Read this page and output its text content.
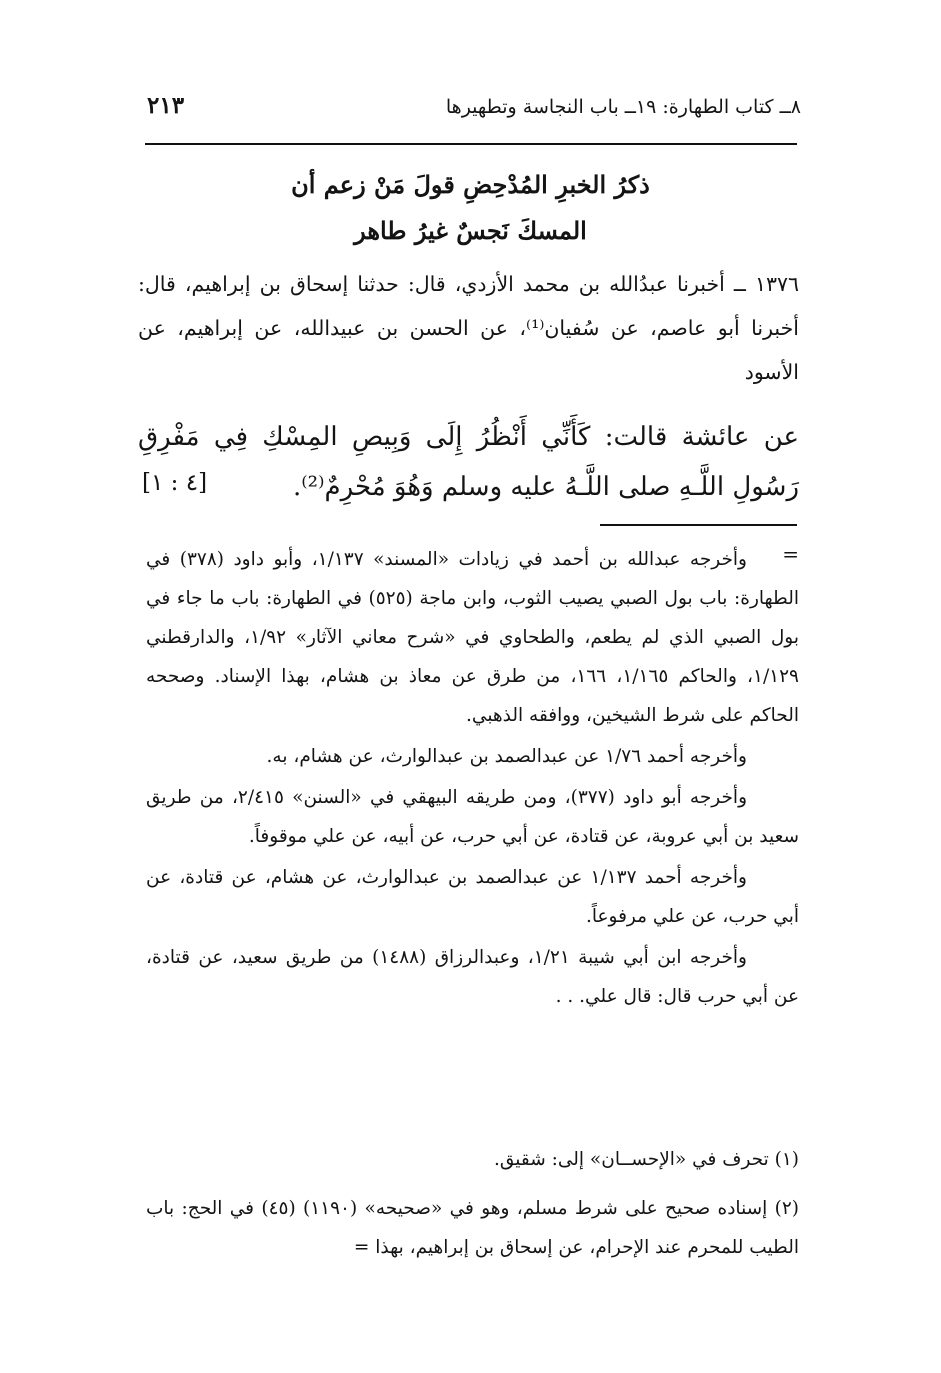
٨ــ كتاب الطهارة: ١٩ــ باب النجاسة وتطهيرها
٢١٣
ذكرُ الخبرِ المُدْحِضِ قولَ مَنْ زعم أن
المسكَ نَجسٌ غيرُ طاهر
١٣٧٦ ــ أخبرنا عبدُالله بن محمد الأزدي، قال: حدثنا إسحاق بن إبراهيم، قال: أخبرنا أبو عاصم، عن سُفيان⁽¹⁾، عن الحسن بن عبيدالله، عن إبراهيم، عن الأسود
عن عائشة قالت: كَأَنِّي أَنْظُرُ إِلَى وَبِيصِ المِسْكِ فِي مَفْرِقِ رَسُولِ اللَّـهِ صلى اللَّـهُ عليه وسلم وَهُوَ مُحْرِمٌ⁽²⁾.
[٤ : ١]
=

وأخرجه عبدالله بن أحمد في زيادات «المسند» ١/١٣٧، وأبو داود (٣٧٨) في الطهارة: باب بول الصبي يصيب الثوب، وابن ماجة (٥٢٥) في الطهارة: باب ما جاء في بول الصبي الذي لم يطعم، والطحاوي في «شرح معاني الآثار» ١/٩٢، والدارقطني ١/١٢٩، والحاكم ١/١٦٥، ١٦٦، من طرق عن معاذ بن هشام، بهذا الإسناد. وصححه الحاكم على شرط الشيخين، ووافقه الذهبي.

وأخرجه أحمد ١/٧٦ عن عبدالصمد بن عبدالوارث، عن هشام، به.

وأخرجه أبو داود (٣٧٧)، ومن طريقه البيهقي في «السنن» ٢/٤١٥، من طريق سعيد بن أبي عروبة، عن قتادة، عن أبي حرب، عن أبيه، عن علي موقوفاً.

وأخرجه أحمد ١/١٣٧ عن عبدالصمد بن عبدالوارث، عن هشام، عن قتادة، عن أبي حرب، عن علي مرفوعاً.

وأخرجه ابن أبي شيبة ١/٢١، وعبدالرزاق (١٤٨٨) من طريق سعيد، عن قتادة، عن أبي حرب قال: قال علي. . .

(١) تحرف في «الإحســان» إلى: شقيق.

(٢) إسناده صحيح على شرط مسلم، وهو في «صحيحه» (١١٩٠) (٤٥) في الحج: باب الطيب للمحرم عند الإحرام، عن إسحاق بن إبراهيم، بهذا =
